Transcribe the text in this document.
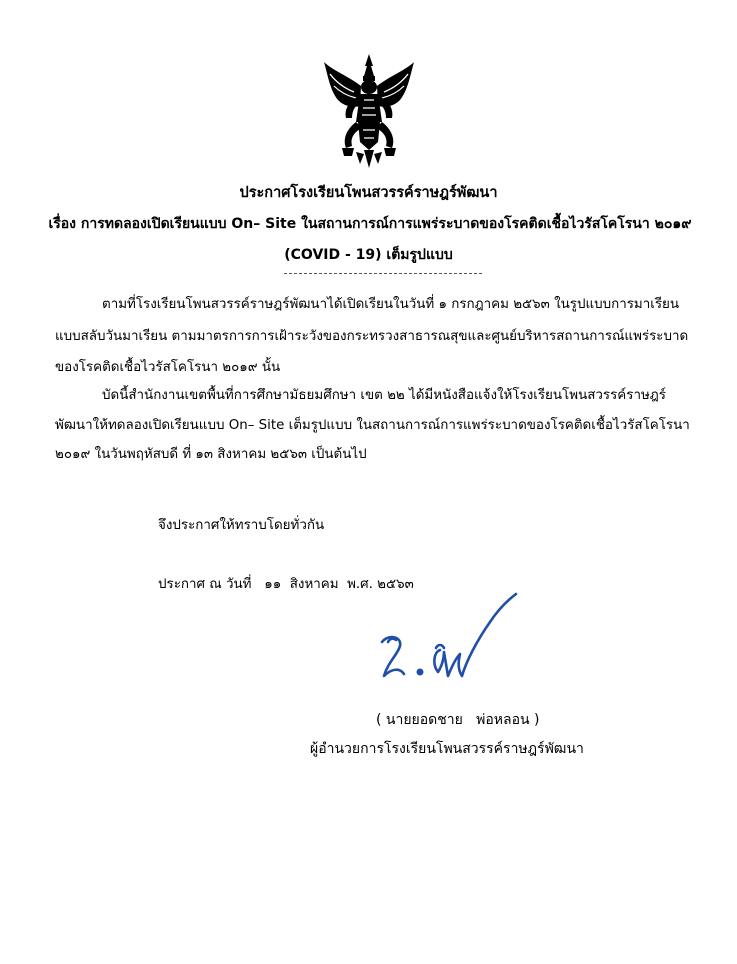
ประกาศโรงเรียนโพนสวรรค์ราษฎร์พัฒนา
เรื่อง การทดลองเปิดเรียนแบบ On– Site ในสถานการณ์การแพร่ระบาดของโรคติดเชื้อไวรัสโคโรนา ๒๐๑๙
(COVID - 19) เต็มรูปแบบ
ตามที่โรงเรียนโพนสวรรค์ราษฎร์พัฒนาได้เปิดเรียนในวันที่ ๑ กรกฎาคม ๒๕๖๓ ในรูปแบบการมาเรียน
แบบสลับวันมาเรียน ตามมาตรการการเฝ้าระวังของกระทรวงสาธารณสุขและศูนย์บริหารสถานการณ์แพร่ระบาด
ของโรคติดเชื้อไวรัสโคโรนา ๒๐๑๙ นั้น
บัดนี้สำนักงานเขตพื้นที่การศึกษามัธยมศึกษา เขต ๒๒ ได้มีหนังสือแจ้งให้โรงเรียนโพนสวรรค์ราษฎร์
พัฒนาให้ทดลองเปิดเรียนแบบ On– Site เต็มรูปแบบ ในสถานการณ์การแพร่ระบาดของโรคติดเชื้อไวรัสโคโรนา
๒๐๑๙ ในวันพฤหัสบดี ที่ ๑๓ สิงหาคม ๒๕๖๓ เป็นต้นไป
จึงประกาศให้ทราบโดยทั่วกัน
ประกาศ ณ วันที่   ๑๑  สิงหาคม  พ.ศ. ๒๕๖๓
( นายยอดชาย   พ่อหลอน )
ผู้อำนวยการโรงเรียนโพนสวรรค์ราษฎร์พัฒนา
